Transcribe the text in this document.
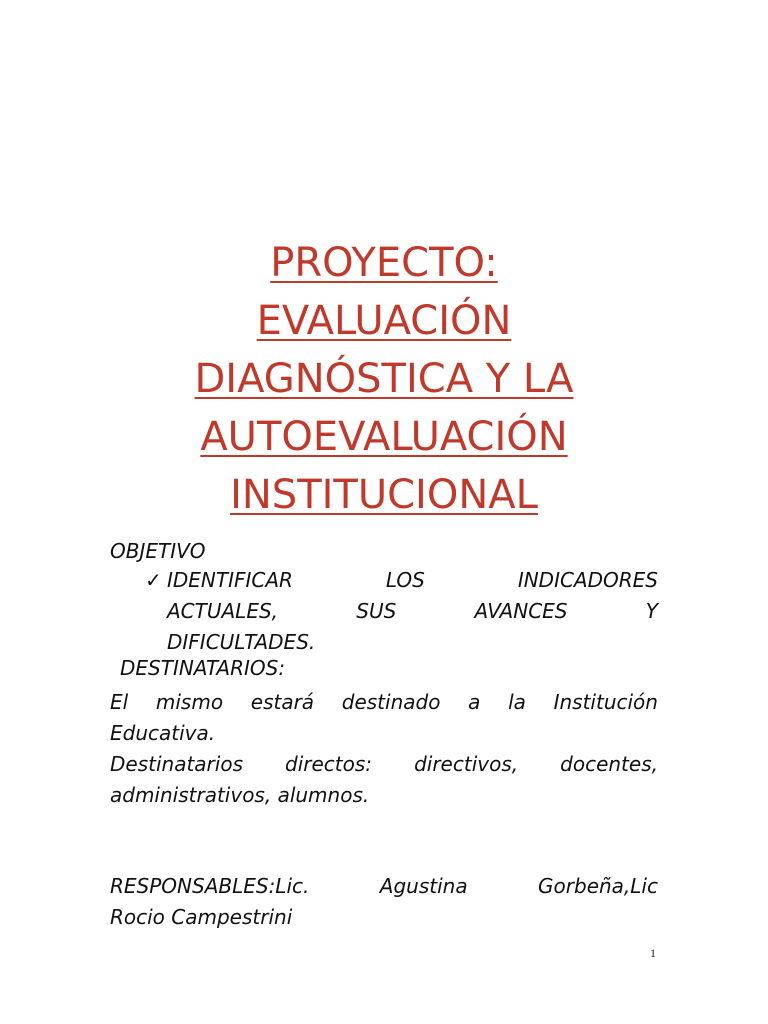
PROYECTO:
EVALUACIÓN
DIAGNÓSTICA Y LA
AUTOEVALUACIÓN
INSTITUCIONAL
OBJETIVO
✓ IDENTIFICAR	LOS	INDICADORES
ACTUALES,	SUS	AVANCES	Y
DIFICULTADES.
DESTINATARIOS:
El mismo estará destinado a la Institución
Educativa.
Destinatarios directos: directivos, docentes,
administrativos, alumnos.
RESPONSABLES:Lic.	Agustina	Gorbeña,Lic
Rocio Campestrini
1
